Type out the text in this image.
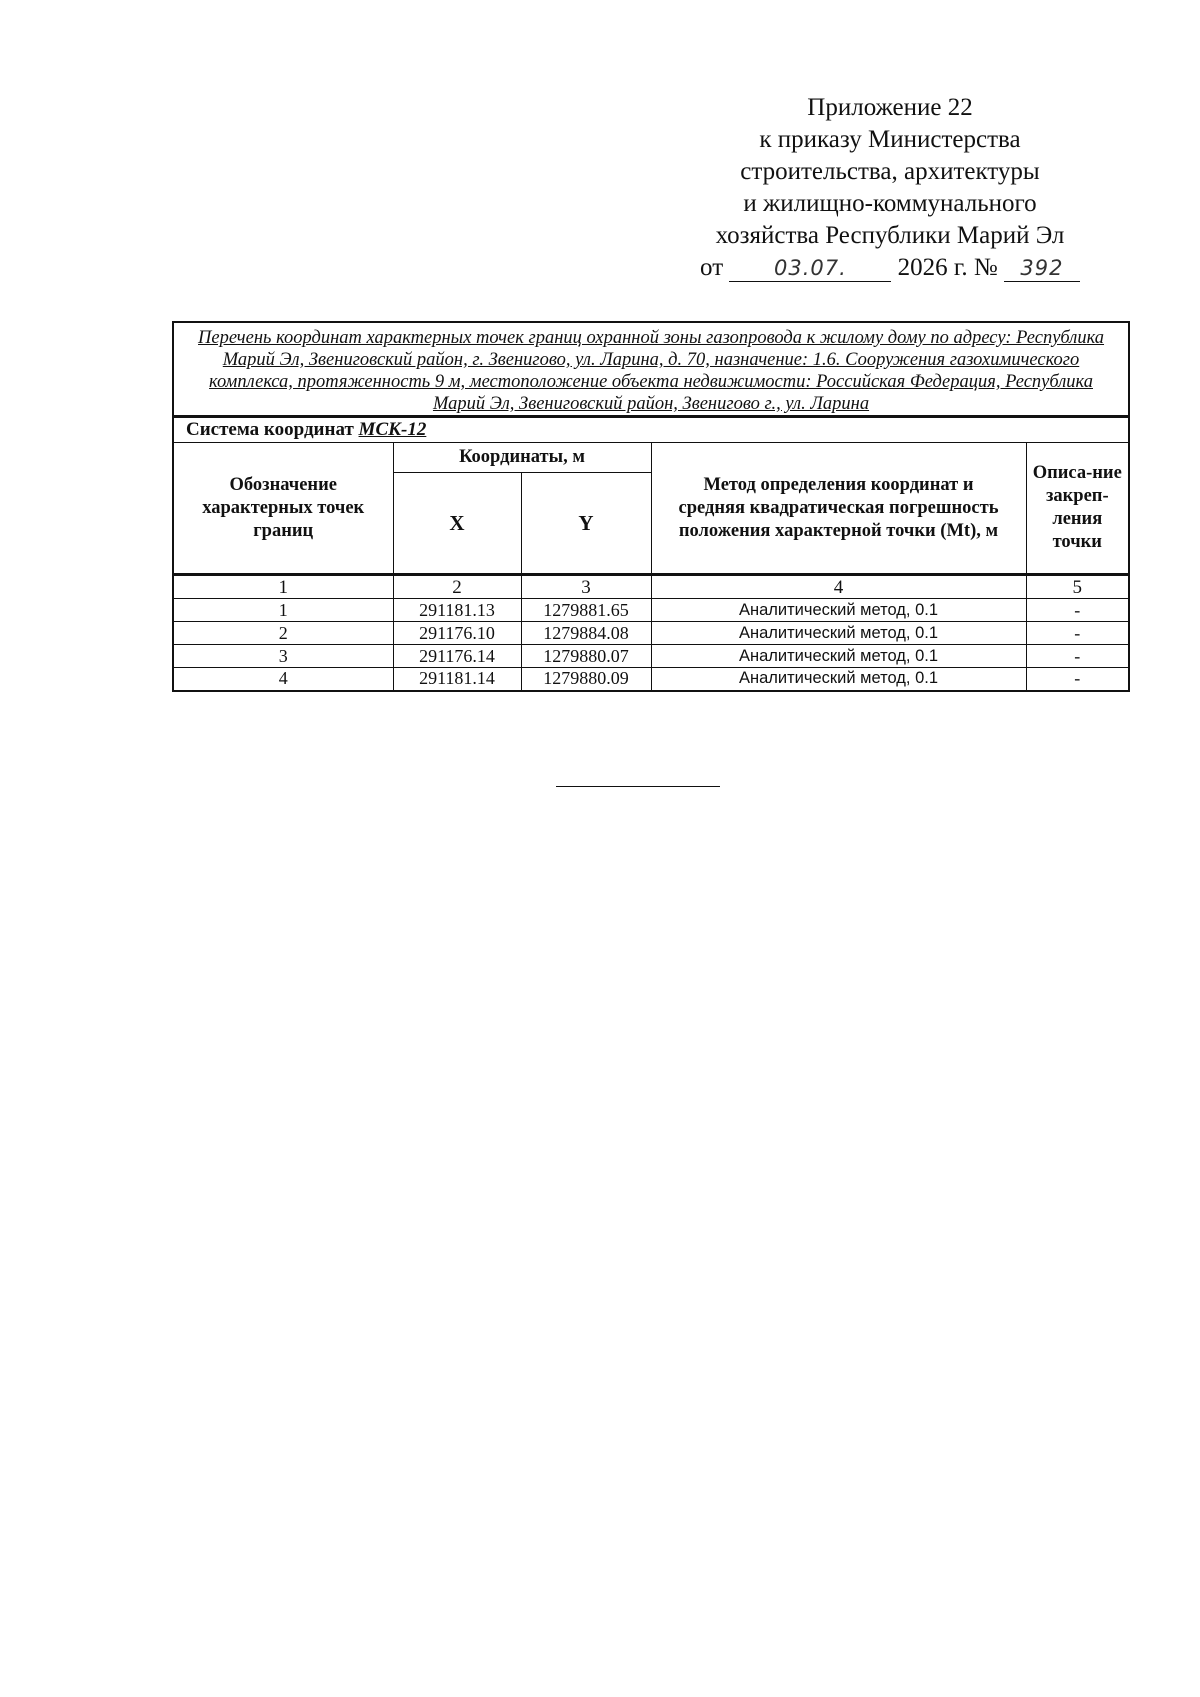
Приложение 22
к приказу Министерства
строительства, архитектуры
и жилищно-коммунального
хозяйства Республики Марий Эл
от 03.07. 2026 г. № 392
Перечень координат характерных точек границ охранной зоны газопровода к жилому дому по адресу: Республика Марий Эл, Звениговский район, г. Звенигово, ул. Ларина, д. 70, назначение: 1.6. Сооружения газохимического комплекса, протяженность 9 м, местоположение объекта недвижимости: Российская Федерация, Республика Марий Эл, Звениговский район, Звенигово г., ул. Ларина				
Система координат МСК-12				
Обозначение характерных точек границ	Координаты, м		Метод определения координат и средняя квадратическая погрешность положения характерной точки (Mt), м	Описа-ние закреп-ления точки
	X	Y		
1	2	3	4	5
1	291181.13	1279881.65	Аналитический метод, 0.1	-
2	291176.10	1279884.08	Аналитический метод, 0.1	-
3	291176.14	1279880.07	Аналитический метод, 0.1	-
4	291181.14	1279880.09	Аналитический метод, 0.1	-
